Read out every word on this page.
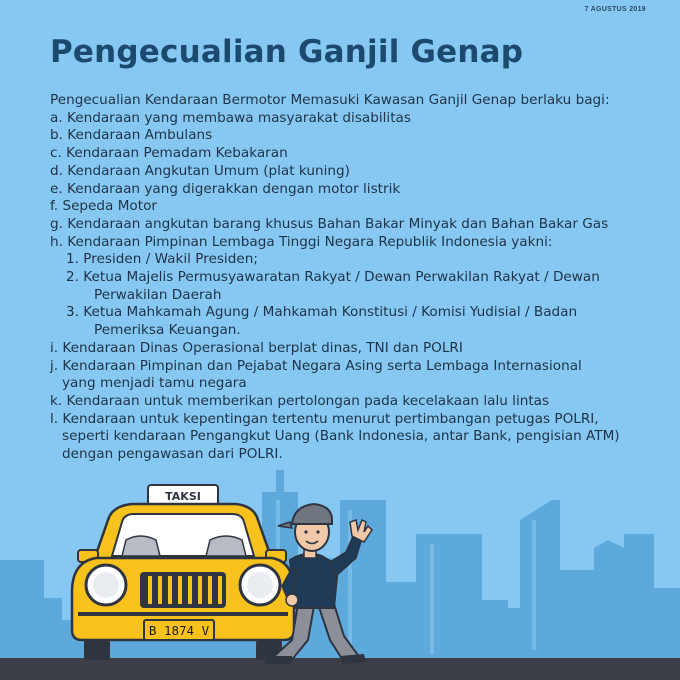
7 AGUSTUS 2019
Pengecualian Ganjil Genap
Pengecualian Kendaraan Bermotor Memasuki Kawasan Ganjil Genap berlaku bagi:
a. Kendaraan yang membawa masyarakat disabilitas
b. Kendaraan Ambulans
c. Kendaraan Pemadam Kebakaran
d. Kendaraan Angkutan Umum (plat kuning)
e. Kendaraan yang digerakkan dengan motor listrik
f. Sepeda Motor
g. Kendaraan angkutan barang khusus Bahan Bakar Minyak dan Bahan Bakar Gas
h. Kendaraan Pimpinan Lembaga Tinggi Negara Republik Indonesia yakni:
1. Presiden / Wakil Presiden;
2. Ketua Majelis Permusyawaratan Rakyat / Dewan Perwakilan Rakyat / Dewan
Perwakilan Daerah
3. Ketua Mahkamah Agung / Mahkamah Konstitusi / Komisi Yudisial / Badan
Pemeriksa Keuangan.
i. Kendaraan Dinas Operasional berplat dinas, TNI dan POLRI
j. Kendaraan Pimpinan dan Pejabat Negara Asing serta Lembaga Internasional
yang menjadi tamu negara
k. Kendaraan untuk memberikan pertolongan pada kecelakaan lalu lintas
l. Kendaraan untuk kepentingan tertentu menurut pertimbangan petugas POLRI,
seperti kendaraan Pengangkut Uang (Bank Indonesia, antar Bank, pengisian ATM)
dengan pengawasan dari POLRI.
TAKSI
B 1874 V
